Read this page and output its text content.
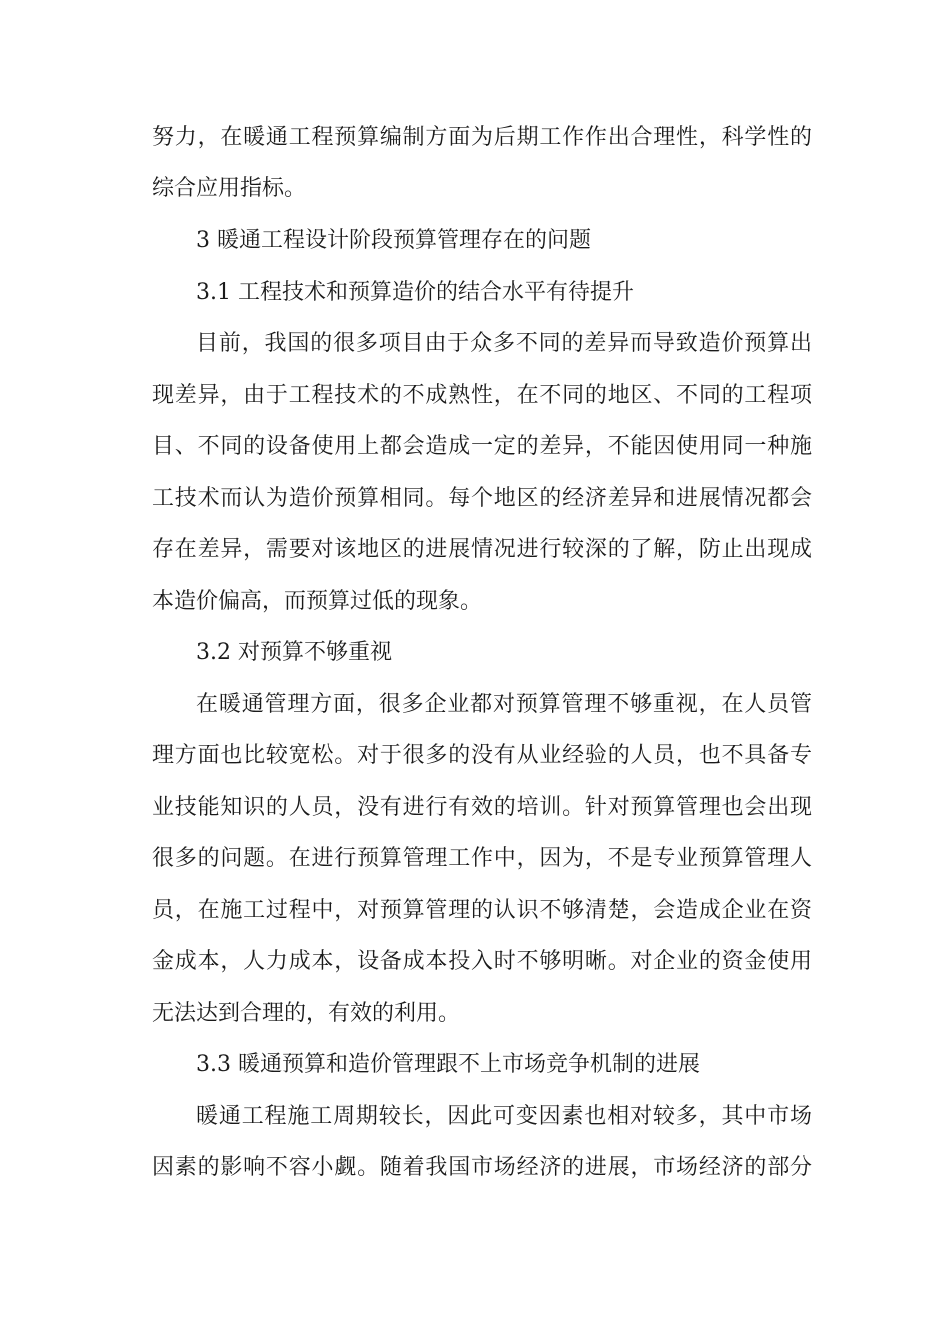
努力，在暖通工程预算编制方面为后期工作作出合理性，科学性的
综合应用指标。
3 暖通工程设计阶段预算管理存在的问题
3.1 工程技术和预算造价的结合水平有待提升
目前，我国的很多项目由于众多不同的差异而导致造价预算出
现差异，由于工程技术的不成熟性，在不同的地区、不同的工程项
目、不同的设备使用上都会造成一定的差异，不能因使用同一种施
工技术而认为造价预算相同。每个地区的经济差异和进展情况都会
存在差异，需要对该地区的进展情况进行较深的了解，防止出现成
本造价偏高，而预算过低的现象。
3.2 对预算不够重视
在暖通管理方面，很多企业都对预算管理不够重视，在人员管
理方面也比较宽松。对于很多的没有从业经验的人员，也不具备专
业技能知识的人员，没有进行有效的培训。针对预算管理也会出现
很多的问题。在进行预算管理工作中，因为，不是专业预算管理人
员，在施工过程中，对预算管理的认识不够清楚，会造成企业在资
金成本，人力成本，设备成本投入时不够明晰。对企业的资金使用
无法达到合理的，有效的利用。
3.3 暖通预算和造价管理跟不上市场竞争机制的进展
暖通工程施工周期较长，因此可变因素也相对较多，其中市场
因素的影响不容小觑。随着我国市场经济的进展，市场经济的部分
